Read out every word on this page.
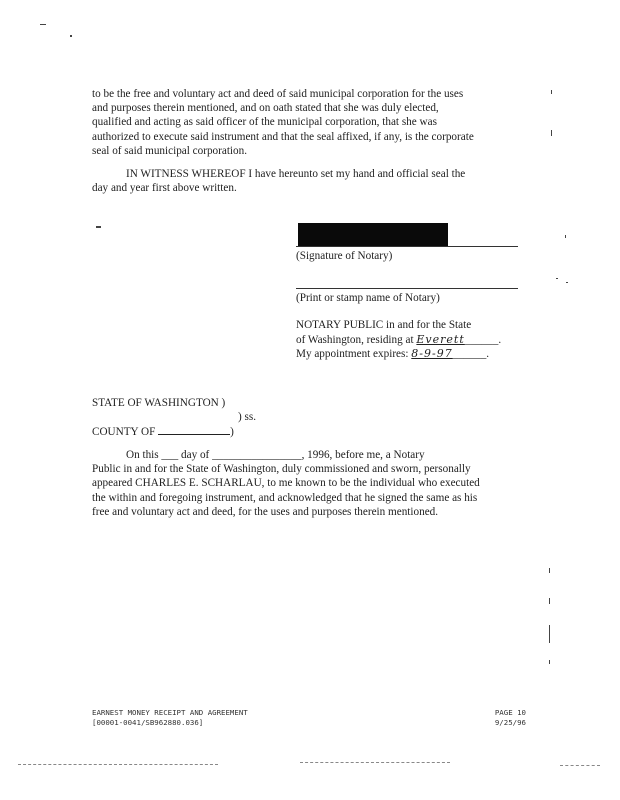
to be the free and voluntary act and deed of said municipal corporation for the uses
and purposes therein mentioned, and on oath stated that she was duly elected,
qualified and acting as said officer of the municipal corporation, that she was
authorized to execute said instrument and that the seal affixed, if any, is the corporate
seal of said municipal corporation.
IN WITNESS WHEREOF I have hereunto set my hand and official seal the
day and year first above written.
(Signature of Notary)
(Print or stamp name of Notary)
NOTARY PUBLIC in and for the State
of Washington, residing at Everett______.
My appointment expires: 8-9-97______.
STATE OF WASHINGTON )
) ss.
COUNTY OF	)
On this ___ day of ________________, 1996, before me, a Notary
Public in and for the State of Washington, duly commissioned and sworn, personally
appeared CHARLES E. SCHARLAU, to me known to be the individual who executed
the within and foregoing instrument, and acknowledged that he signed the same as his
free and voluntary act and deed, for the uses and purposes therein mentioned.
EARNEST MONEY RECEIPT AND AGREEMENT
[00001-0041/SB962880.036]
PAGE 10
9/25/96
